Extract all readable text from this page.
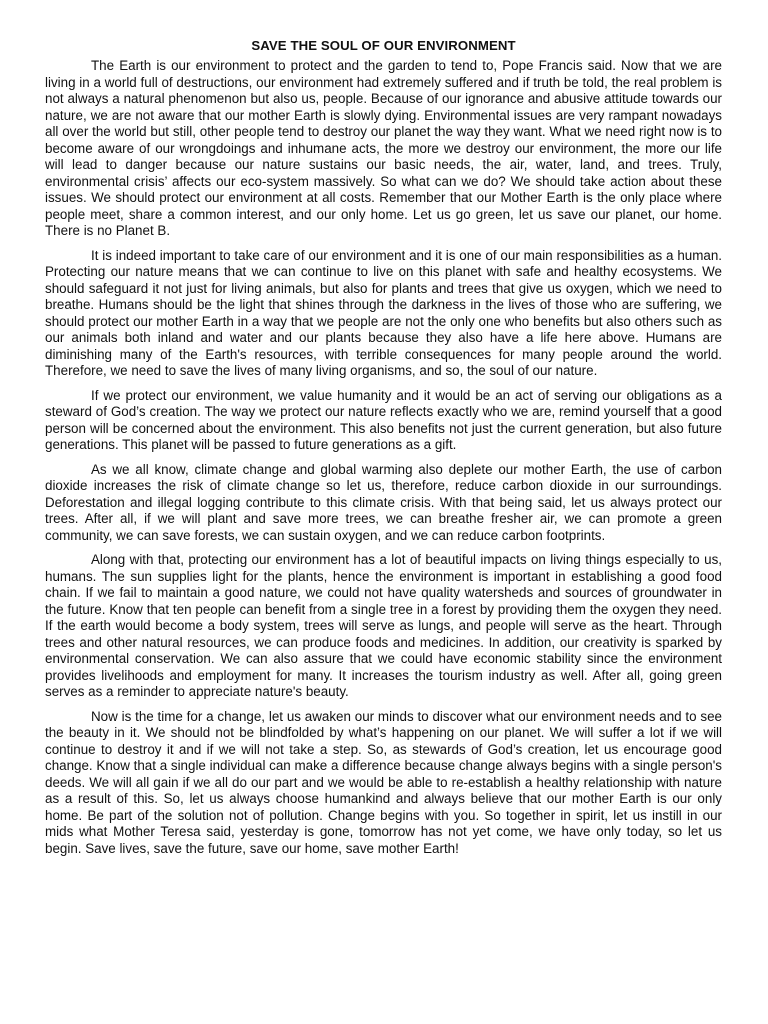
SAVE THE SOUL OF OUR ENVIRONMENT

The Earth is our environment to protect and the garden to tend to, Pope Francis said. Now that we are living in a world full of destructions, our environment had extremely suffered and if truth be told, the real problem is not always a natural phenomenon but also us, people. Because of our ignorance and abusive attitude towards our nature, we are not aware that our mother Earth is slowly dying. Environmental issues are very rampant nowadays all over the world but still, other people tend to destroy our planet the way they want. What we need right now is to become aware of our wrongdoings and inhumane acts, the more we destroy our environment, the more our life will lead to danger because our nature sustains our basic needs, the air, water, land, and trees. Truly, environmental crisis’ affects our eco-system massively. So what can we do? We should take action about these issues. We should protect our environment at all costs. Remember that our Mother Earth is the only place where people meet, share a common interest, and our only home. Let us go green, let us save our planet, our home. There is no Planet B.

It is indeed important to take care of our environment and it is one of our main responsibilities as a human. Protecting our nature means that we can continue to live on this planet with safe and healthy ecosystems. We should safeguard it not just for living animals, but also for plants and trees that give us oxygen, which we need to breathe. Humans should be the light that shines through the darkness in the lives of those who are suffering, we should protect our mother Earth in a way that we people are not the only one who benefits but also others such as our animals both inland and water and our plants because they also have a life here above. Humans are diminishing many of the Earth's resources, with terrible consequences for many people around the world. Therefore, we need to save the lives of many living organisms, and so, the soul of our nature.

If we protect our environment, we value humanity and it would be an act of serving our obligations as a steward of God’s creation. The way we protect our nature reflects exactly who we are, remind yourself that a good person will be concerned about the environment. This also benefits not just the current generation, but also future generations. This planet will be passed to future generations as a gift.

As we all know, climate change and global warming also deplete our mother Earth, the use of carbon dioxide increases the risk of climate change so let us, therefore, reduce carbon dioxide in our surroundings. Deforestation and illegal logging contribute to this climate crisis. With that being said, let us always protect our trees. After all, if we will plant and save more trees, we can breathe fresher air, we can promote a green community, we can save forests, we can sustain oxygen, and we can reduce carbon footprints.

Along with that, protecting our environment has a lot of beautiful impacts on living things especially to us, humans. The sun supplies light for the plants, hence the environment is important in establishing a good food chain. If we fail to maintain a good nature, we could not have quality watersheds and sources of groundwater in the future. Know that ten people can benefit from a single tree in a forest by providing them the oxygen they need. If the earth would become a body system, trees will serve as lungs, and people will serve as the heart. Through trees and other natural resources, we can produce foods and medicines. In addition, our creativity is sparked by environmental conservation. We can also assure that we could have economic stability since the environment provides livelihoods and employment for many. It increases the tourism industry as well. After all, going green serves as a reminder to appreciate nature's beauty.

Now is the time for a change, let us awaken our minds to discover what our environment needs and to see the beauty in it. We should not be blindfolded by what’s happening on our planet. We will suffer a lot if we will continue to destroy it and if we will not take a step. So, as stewards of God’s creation, let us encourage good change. Know that a single individual can make a difference because change always begins with a single person's deeds. We will all gain if we all do our part and we would be able to re-establish a healthy relationship with nature as a result of this. So, let us always choose humankind and always believe that our mother Earth is our only home. Be part of the solution not of pollution. Change begins with you. So together in spirit, let us instill in our mids what Mother Teresa said, yesterday is gone, tomorrow has not yet come, we have only today, so let us begin. Save lives, save the future, save our home, save mother Earth!
